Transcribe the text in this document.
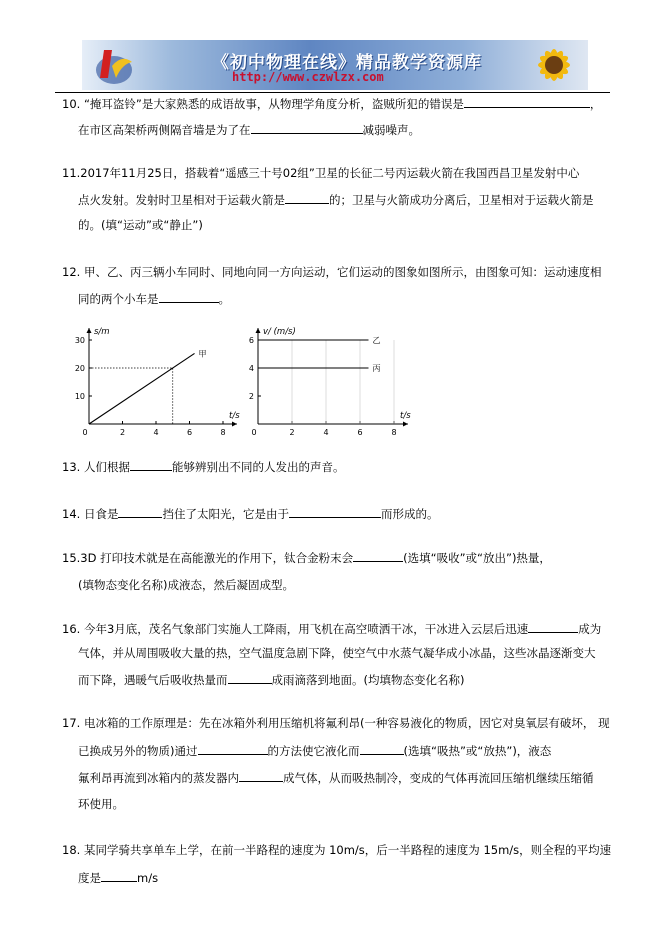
《初中物理在线》精品教学资源库
http://www.czwlzx.com
10. “掩耳盗铃”是大家熟悉的成语故事，从物理学角度分析，盗贼所犯的错误是	，
在市区高架桥两侧隔音墙是为了在	减弱噪声。
11.2017年11月25日，搭载着“遥感三十号02组”卫星的长征二号丙运载火箭在我国西昌卫星发射中心
点火发射。发射时卫星相对于运载火箭是	的；卫星与火箭成功分离后，卫星相对于运载火箭是
的。(填“运动”或“静止”)
12. 甲、乙、丙三辆小车同时、同地向同一方向运动，它们运动的图象如图所示，由图象可知：运动速度相
同的两个小车是	。
0	2	4	6	8
10
20
30
s/m
t/s
甲
0	2	4	6	8
2
4
6
v/ (m/s)
t/s
乙
丙
13. 人们根据	能够辨别出不同的人发出的声音。
14. 日食是	挡住了太阳光，它是由于	而形成的。
15.3D 打印技术就是在高能激光的作用下，钛合金粉末会	(选填“吸收”或“放出”)热量，
(填物态变化名称)成液态，然后凝固成型。
16. 今年3月底，茂名气象部门实施人工降雨，用飞机在高空喷洒干冰，干冰进入云层后迅速	成为
气体，并从周围吸收大量的热，空气温度急剧下降，使空气中水蒸气凝华成小冰晶，这些冰晶逐渐变大
而下降，遇暖气后吸收热量而	成雨滴落到地面。(均填物态变化名称)
17. 电冰箱的工作原理是：先在冰箱外利用压缩机将氟利昂(一种容易液化的物质，因它对臭氧层有破坏， 现
已换成另外的物质)通过	的方法使它液化而	(选填“吸热”或“放热”)，液态
氟利昂再流到冰箱内的蒸发器内	成气体，从而吸热制冷，变成的气体再流回压缩机继续压缩循
环使用。
18. 某同学骑共享单车上学，在前一半路程的速度为 10m/s，后一半路程的速度为 15m/s，则全程的平均速
度是	m/s
